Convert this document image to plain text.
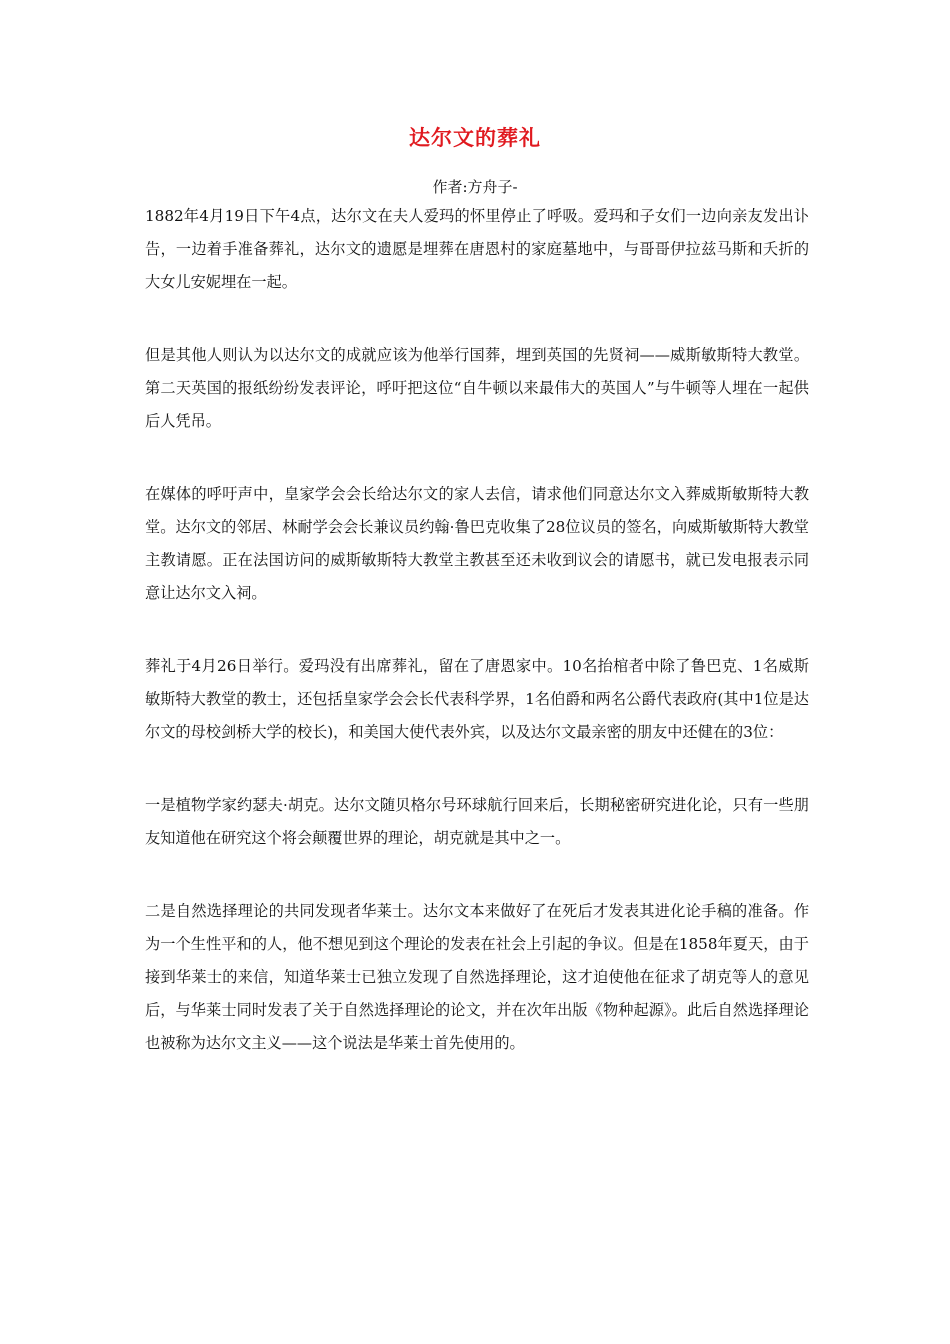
达尔文的葬礼
作者:方舟子-

1882年4月19日下午4点，达尔文在夫人爱玛的怀里停止了呼吸。爱玛和子女们一边向亲友发出讣告，一边着手准备葬礼，达尔文的遗愿是埋葬在唐恩村的家庭墓地中，与哥哥伊拉兹马斯和夭折的大女儿安妮埋在一起。

但是其他人则认为以达尔文的成就应该为他举行国葬，埋到英国的先贤祠——威斯敏斯特大教堂。第二天英国的报纸纷纷发表评论，呼吁把这位“自牛顿以来最伟大的英国人”与牛顿等人埋在一起供后人凭吊。

在媒体的呼吁声中，皇家学会会长给达尔文的家人去信，请求他们同意达尔文入葬威斯敏斯特大教堂。达尔文的邻居、林耐学会会长兼议员约翰·鲁巴克收集了28位议员的签名，向威斯敏斯特大教堂主教请愿。正在法国访问的威斯敏斯特大教堂主教甚至还未收到议会的请愿书，就已发电报表示同意让达尔文入祠。

葬礼于4月26日举行。爱玛没有出席葬礼，留在了唐恩家中。10名抬棺者中除了鲁巴克、1名威斯敏斯特大教堂的教士，还包括皇家学会会长代表科学界，1名伯爵和两名公爵代表政府(其中1位是达尔文的母校剑桥大学的校长)，和美国大使代表外宾，以及达尔文最亲密的朋友中还健在的3位：

一是植物学家约瑟夫·胡克。达尔文随贝格尔号环球航行回来后，长期秘密研究进化论，只有一些朋友知道他在研究这个将会颠覆世界的理论，胡克就是其中之一。

二是自然选择理论的共同发现者华莱士。达尔文本来做好了在死后才发表其进化论手稿的准备。作为一个生性平和的人，他不想见到这个理论的发表在社会上引起的争议。但是在1858年夏天，由于接到华莱士的来信，知道华莱士已独立发现了自然选择理论，这才迫使他在征求了胡克等人的意见后，与华莱士同时发表了关于自然选择理论的论文，并在次年出版《物种起源》。此后自然选择理论也被称为达尔文主义——这个说法是华莱士首先使用的。
